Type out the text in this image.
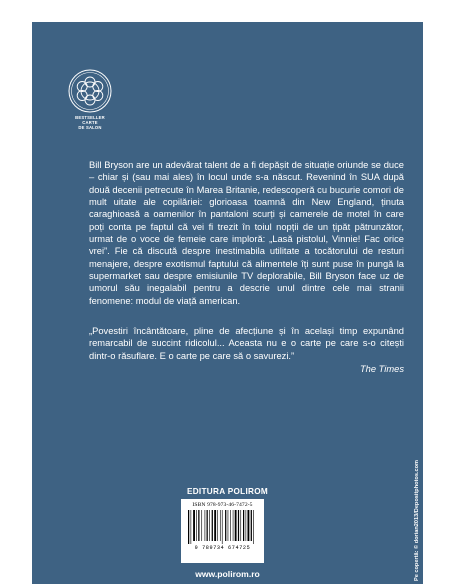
BESTSELLER
CARTE
DE SALON

Bill Bryson are un adevărat talent de a fi depășit de situație oriunde se duce – chiar și (sau mai ales) în locul unde s-a născut. Revenind în SUA după două decenii petrecute în Marea Britanie, redescoperă cu bucurie comori de mult uitate ale copilăriei: glorioasa toamnă din New England, ținuta caraghioasă a oamenilor în pantaloni scurți și camerele de motel în care poți conta pe faptul că vei fi trezit în toiul nopții de un țipăt pătrunzător, urmat de o voce de femeie care imploră: „Lasă pistolul, Vinnie! Fac orice vrei”. Fie că discută despre inestimabila utilitate a tocătorului de resturi menajere, despre exotismul faptului că alimentele îți sunt puse în pungă la supermarket sau despre emisiunile TV deplorabile, Bill Bryson face uz de umorul său inegalabil pentru a descrie unul dintre cele mai stranii fenomene: modul de viață american.

„Povestiri încântătoare, pline de afecțiune și în același timp expunând remarcabil de succint ridicolul... Aceasta nu e o carte pe care s-o citești dintr-o răsuflare. E o carte pe care să o savurezi.”

The Times
EDITURA POLIROM
ISBN 978-973-46-7472-5
9 789734 674725
www.polirom.ro	Pe copertă: © dorian2013/Depositphotos.com
